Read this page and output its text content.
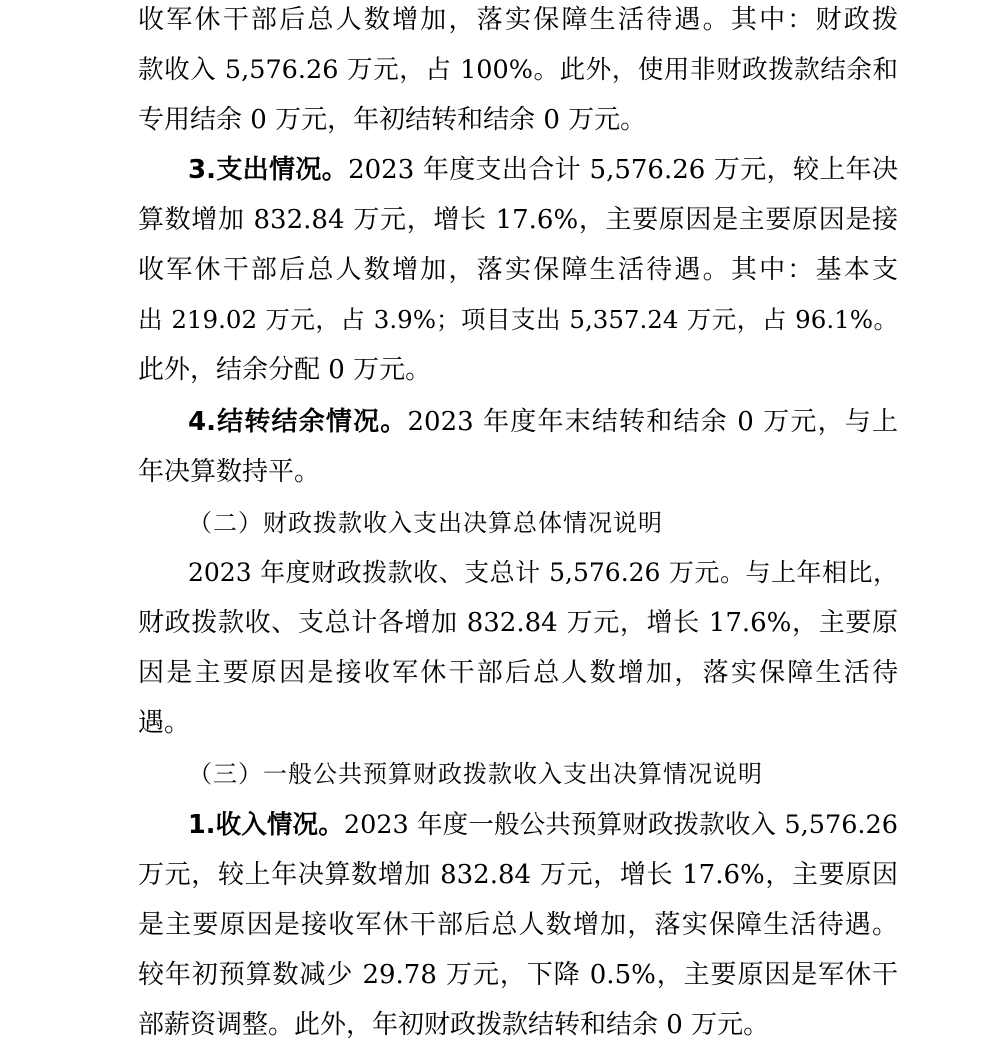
收军休干部后总人数增加，落实保障生活待遇。其中：财政拨
款收入 5,576.26 万元，占 100%。此外，使用非财政拨款结余和
专用结余 0 万元，年初结转和结余 0 万元。
3.支出情况。2023 年度支出合计 5,576.26 万元，较上年决
算数增加 832.84 万元，增长 17.6%，主要原因是主要原因是接
收军休干部后总人数增加，落实保障生活待遇。其中：基本支
出 219.02 万元，占 3.9%；项目支出 5,357.24 万元，占 96.1%。
此外，结余分配 0 万元。
4.结转结余情况。2023 年度年末结转和结余 0 万元，与上
年决算数持平。
（二）财政拨款收入支出决算总体情况说明
2023 年度财政拨款收、支总计 5,576.26 万元。与上年相比，
财政拨款收、支总计各增加 832.84 万元，增长 17.6%，主要原
因是主要原因是接收军休干部后总人数增加，落实保障生活待
遇。
（三）一般公共预算财政拨款收入支出决算情况说明
1.收入情况。2023 年度一般公共预算财政拨款收入 5,576.26
万元，较上年决算数增加 832.84 万元，增长 17.6%，主要原因
是主要原因是接收军休干部后总人数增加，落实保障生活待遇。
较年初预算数减少 29.78 万元，下降 0.5%，主要原因是军休干
部薪资调整。此外，年初财政拨款结转和结余 0 万元。
